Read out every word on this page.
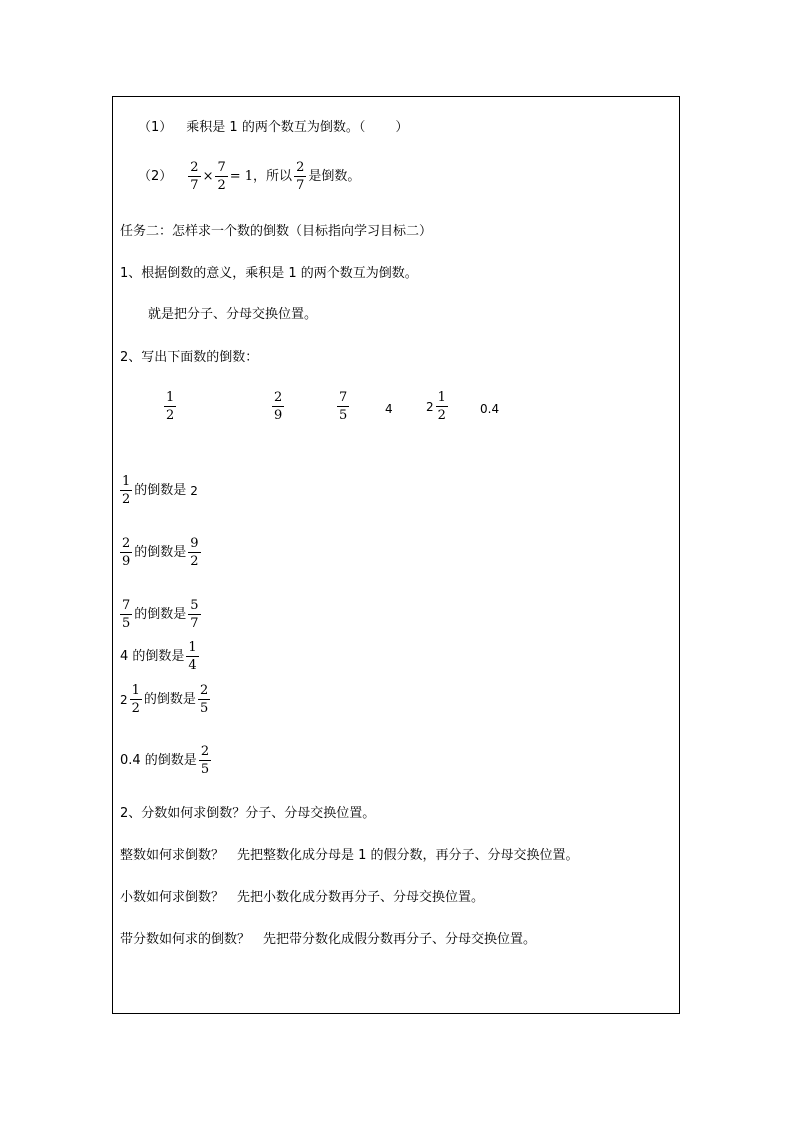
（1） 乘积是 1 的两个数互为倒数。（ ）
$(2) \frac{2}{7} \times \frac{7}{2} = 1$ ，所以 $\frac{2}{7}$ 是倒数。
任务二：怎样求一个数的倒数（目标指向学习目标二）
1、根据倒数的意义，乘积是 1 的两个数互为倒数。
就是把分子、分母交换位置。
2、写出下面数的倒数：
$\frac{1}{2}$	$\frac{2}{9}$	$\frac{7}{5}$	4	$2 \frac{1}{2}$	0.4
$\frac{1}{2}$ 的倒数是 2
$\frac{2}{9}$ 的倒数是 $\frac{9}{2}$
$\frac{7}{5}$ 的倒数是 $\frac{5}{7}$
4 的倒数是 $\frac{1}{4}$
$2 \frac{1}{2}$ 的倒数是 $\frac{2}{5}$
0.4 的倒数是 $\frac{2}{5}$
2、分数如何求倒数？分子、分母交换位置。
整数如何求倒数？　先把整数化成分母是 1 的假分数，再分子、分母交换位置。
小数如何求倒数？　先把小数化成分数再分子、分母交换位置。
带分数如何求的倒数？　先把带分数化成假分数再分子、分母交换位置。
